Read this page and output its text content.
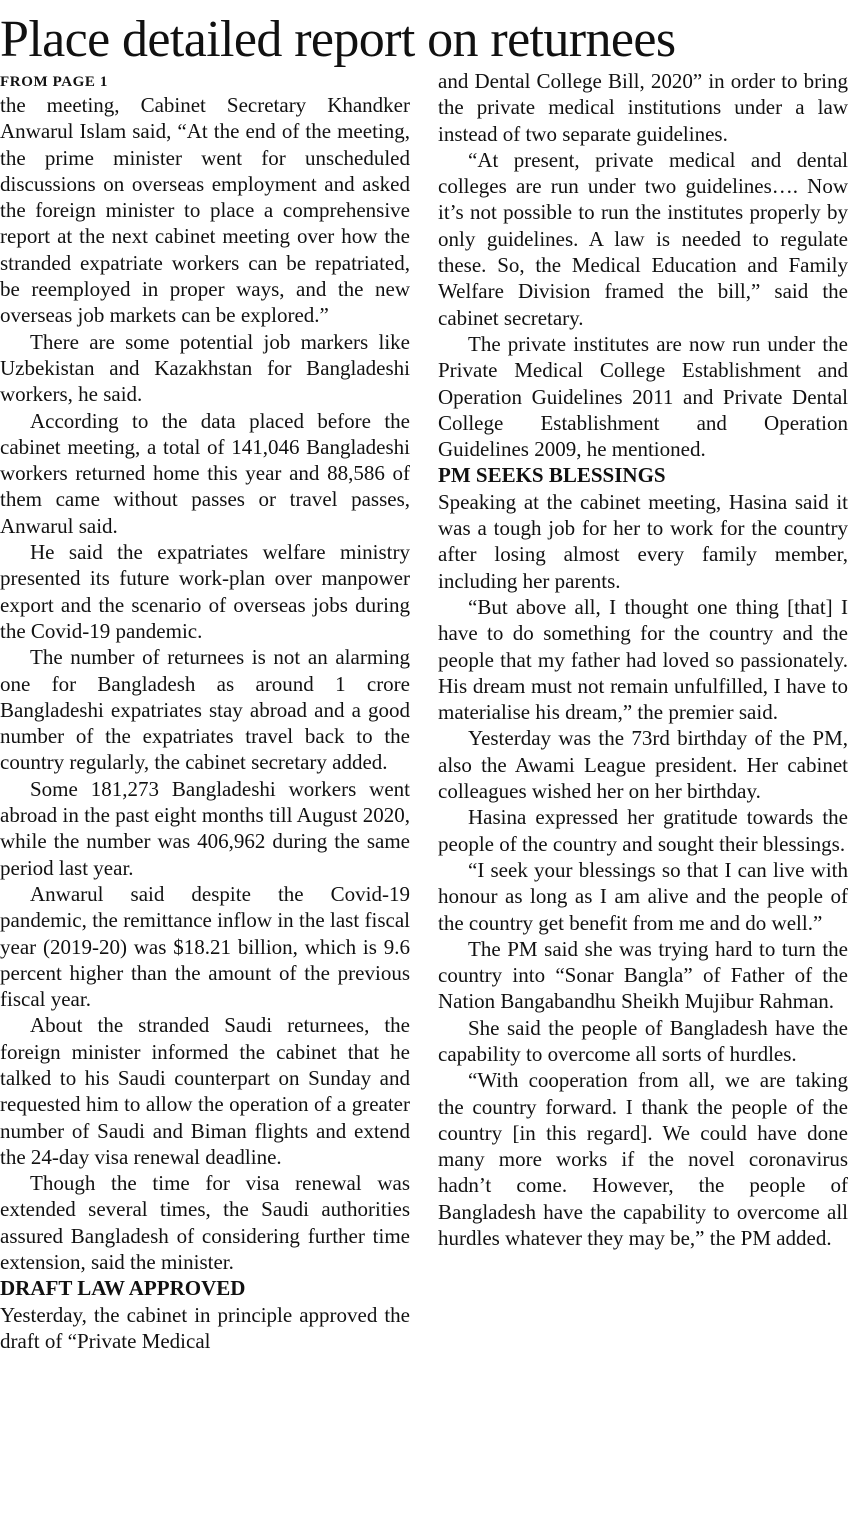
Place detailed report on returnees
FROM PAGE 1

the meeting, Cabinet Secretary Khandker Anwarul Islam said, “At the end of the meeting, the prime minister went for unscheduled discussions on overseas employment and asked the foreign minister to place a comprehensive report at the next cabinet meeting over how the stranded expatriate workers can be repatriated, be reemployed in proper ways, and the new overseas job markets can be explored.”

There are some potential job markers like Uzbekistan and Kazakhstan for Bangladeshi workers, he said.

According to the data placed before the cabinet meeting, a total of 141,046 Bangladeshi workers returned home this year and 88,586 of them came without passes or travel passes, Anwarul said.

He said the expatriates welfare ministry presented its future work-plan over manpower export and the scenario of overseas jobs during the Covid-19 pandemic.

The number of returnees is not an alarming one for Bangladesh as around 1 crore Bangladeshi expatriates stay abroad and a good number of the expatriates travel back to the country regularly, the cabinet secretary added.

Some 181,273 Bangladeshi workers went abroad in the past eight months till August 2020, while the number was 406,962 during the same period last year.

Anwarul said despite the Covid-19 pandemic, the remittance inflow in the last fiscal year (2019-20) was $18.21 billion, which is 9.6 percent higher than the amount of the previous fiscal year.

About the stranded Saudi returnees, the foreign minister informed the cabinet that he talked to his Saudi counterpart on Sunday and requested him to allow the operation of a greater number of Saudi and Biman flights and extend the 24-day visa renewal deadline.

Though the time for visa renewal was extended several times, the Saudi authorities assured Bangladesh of considering further time extension, said the minister.

DRAFT LAW APPROVED

Yesterday, the cabinet in principle approved the draft of “Private Medical

and Dental College Bill, 2020” in order to bring the private medical institutions under a law instead of two separate guidelines.

“At present, private medical and dental colleges are run under two guidelines…. Now it’s not possible to run the institutes properly by only guidelines. A law is needed to regulate these. So, the Medical Education and Family Welfare Division framed the bill,” said the cabinet secretary.

The private institutes are now run under the Private Medical College Establishment and Operation Guidelines 2011 and Private Dental College Establishment and Operation Guidelines 2009, he mentioned.

PM SEEKS BLESSINGS

Speaking at the cabinet meeting, Hasina said it was a tough job for her to work for the country after losing almost every family member, including her parents.

“But above all, I thought one thing [that] I have to do something for the country and the people that my father had loved so passionately. His dream must not remain unfulfilled, I have to materialise his dream,” the premier said.

Yesterday was the 73rd birthday of the PM, also the Awami League president. Her cabinet colleagues wished her on her birthday.

Hasina expressed her gratitude towards the people of the country and sought their blessings.

“I seek your blessings so that I can live with honour as long as I am alive and the people of the country get benefit from me and do well.”

The PM said she was trying hard to turn the country into “Sonar Bangla” of Father of the Nation Bangabandhu Sheikh Mujibur Rahman.

She said the people of Bangladesh have the capability to overcome all sorts of hurdles.

“With cooperation from all, we are taking the country forward. I thank the people of the country [in this regard]. We could have done many more works if the novel coronavirus hadn’t come. However, the people of Bangladesh have the capability to overcome all hurdles whatever they may be,” the PM added.
